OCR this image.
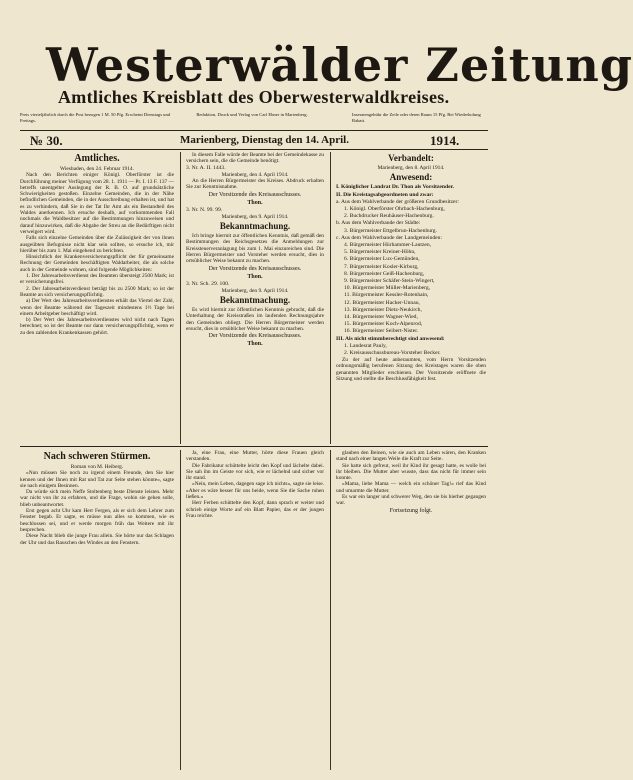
Westerwälder Zeitung
Amtliches Kreisblatt des Oberwesterwaldkreises.
Preis vierteljährlich durch die Post bezogen 1 M. 50 Pfg. Erscheint Dienstags und Freitags.
Redaktion, Druck und Verlag von Carl Ebner in Marienberg.	Inseratengebühr die Zeile oder deren Raum 15 Pfg. Bei Wiederholung Rabatt.
№ 30.	Marienberg, Dienstag den 14. April.	1914.
Amtliches.

Wiesbaden, den 24. Februar 1914.

Nach den Berichten einiger Königl. Oberförster ist die Durchführung meiner Verfügung vom 28. 1. 1911 — Pr. I. 13 F. 137 — betreffs unentgelter Auslegung der R. B. O. auf grundsätzliche Schwierigkeiten gestoßen. Einzelne Gemeinden, die in der Nähe befindlichen Gemeinden, die in der Ausschreibung erhalten ist, und hat es zu verhindern, daß Sie in der Tat Ihr Amt als ein Bestandteil des Waldes anerkennen. Ich ersuche deshalb, auf vorkommenden Fall nochmals die Waldbesitzer auf die Bestimmungen hinzuweisen und darauf hinzuwirken, daß die Abgabe der Streu an die Bedürftigen nicht verweigert wird.

Falls sich einzelne Gemeinden über die Zulässigkeit der von ihnen ausgeübten Befugnisse nicht klar sein sollten, so ersuche ich, mir hierüber bis zum 1. Mai eingehend zu berichten.

Hinsichtlich der Krankenversicherungspflicht der für gemeinsame Rechnung der Gemeinden beschäftigten Waldarbeiter, die als solche auch in der Gemeinde wohnen, sind folgende Möglichkeiten:

1. Der Jahresarbeitsverdienst des Beamten übersteigt 2500 Mark; ist er versicherungsfrei.

2. Der Jahresarbeitsverdienst beträgt bis zu 2500 Mark; so ist der Beamte an sich versicherungspflichtig.

a) Der Wert des Jahresarbeitsverdienstes erhält das Viertel der Zahl, wenn der Beamte während der Tageszeit mindestens 1½ Tage bei einem Arbeitgeber beschäftigt wird.

b) Der Wert des Jahresarbeitsverdienstes wird nicht nach Tagen berechnet; so ist der Beamte nur dann versicherungspflichtig, wenn er zu den zahlenden Krankenkassen gehört.

In diesem Falle würde der Beamte bei der Gemeindekasse zu versichern sein, die die Gemeinde benötigt.

3. Nr. A. II. 1443.

Marienberg, den 4. April 1914.

An die Herren Bürgermeister des Kreises. Abdruck erhalten Sie zur Kenntnisnahme.

Der Vorsitzende des Kreisausschusses.

Thon.

3. Nr. N. 99. 99.

Marienberg, den 9. April 1914.

Bekanntmachung.

Ich bringe hiermit zur öffentlichen Kenntnis, daß gemäß den Bestimmungen des Reichsgesetzes die Anmeldungen zur Kreissteuerveranlagung bis zum 1. Mai einzureichen sind. Die Herren Bürgermeister und Vorsteher werden ersucht, dies in ortsüblicher Weise bekannt zu machen.

Der Vorsitzende des Kreisausschusses.

Thon.

3. Nr. Sch. 29. 100.

Marienberg, den 9. April 1914.

Bekanntmachung.

Es wird hiermit zur öffentlichen Kenntnis gebracht, daß die Unterhaltung der Kreisstraßen im laufenden Rechnungsjahre den Gemeinden obliegt. Die Herren Bürgermeister werden ersucht, dies in ortsüblicher Weise bekannt zu machen.

Der Vorsitzende des Kreisausschusses.

Thon.

Verbandelt:

Marienberg, den 8. April 1914.

Anwesend:

I. Königlicher Landrat Dr. Thon als Vorsitzender.

II. Die Kreistagsabgeordneten und zwar:

a. Aus dem Wahlverbande der größeren Grundbesitzer:

1. Königl. Oberförster Ohrbach-Hachenburg,

2. Buchdrucker Reuhäuser-Hachenburg.

b. Aus dem Wahlverbande der Städte:

3. Bürgermeister Ettgelbrun-Hachenburg.

c. Aus dem Wahlverbande der Landgemeinden:

4. Bürgermeister Hürhammer-Lautzen,

5. Bürgermeister Kreiner-Höhn,

6. Bürgermeister Lux-Gemünden,

7. Bürgermeister Kosler-Kirburg,

8. Bürgermeister Geiß-Hachenburg,

9. Bürgermeister Schäfer-Stein-Wingert,

10. Bürgermeister Müller-Marienberg,

11. Bürgermeister Kessler-Rotenhain,

12. Bürgermeister Hacker-Unnau,

13. Bürgermeister Dietz-Neukirch,

14. Bürgermeister Wagner-Wied,

15. Bürgermeister Koch-Alpenrod,

16. Bürgermeister Seibert-Nister.

III. Als nicht stimmberechtigt sind anwesend:

1. Landesrat Pauly,

2. Kreisausschussbureau-Vorsteher Becker.

Zu der auf heute anberaumten, vom Herrn Vorsitzenden ordnungsmäßig berufenen Sitzung des Kreistages waren die oben genannten Mitglieder erschienen. Der Vorsitzende eröffnete die Sitzung und stellte die Beschlussfähigkeit fest.

Nach schweren Stürmen.

Roman von M. Heiberg.

»Nun müssen Sie noch zu irgend einem Freunde, den Sie hier kennen und der Ihnen mit Rat und Tat zur Seite stehen könnte«, sagte sie nach einigem Besinnen.

Da würde sich mein Neffe Stoltenberg beste Dienste leisten. Mehr war nicht von ihr zu erfahren, und die Frage, wohin sie gehen solle, blieb unbeantwortet.

Erst gegen acht Uhr kam Herr Fergen, als er sich dem Lehrer zum Fenster begab. Er sagte, es müsse nun alles so kommen, wie es beschlossen sei, und er werde morgen früh das Weitere mit ihr besprechen.

Diese Nacht blieb die junge Frau allein. Sie hörte nur das Schlagen der Uhr und das Rauschen des Windes an den Fenstern.

Ja, eine Frau, eine Mutter, hörte diese Frauen gleich verstanden.

Die Fabrikatur schüttelte leicht den Kopf und lächelte dabei. Sie sah ihn im Geiste vor sich, wie er lächelnd und sicher vor ihr stand.

»Nein, mein Leben, dagegen sage ich nichts«, sagte sie leise. »Aber es wäre besser für uns beide, wenn Sie die Sache ruhen ließen.«

Herr Ferben schüttelte den Kopf, dann sprach er weiter und schrieb einige Worte auf ein Blatt Papier, das er der jungen Frau reichte.

glauben den Beinen, wie sie auch am Leben wären, den Kranken stand nach einer langen Weile die Kraft zur Seite.

Sie hatte sich gefreut, weil ihr Kind ihr gesagt hatte, es wolle bei ihr bleiben. Die Mutter aber wusste, dass das nicht für immer sein konnte.

»Mama, liebe Mama — welch ein schöner Tag!« rief das Kind und umarmte die Mutter.

Es war ein langer und schwerer Weg, den sie bis hierher gegangen war.

Fortsetzung folgt.
